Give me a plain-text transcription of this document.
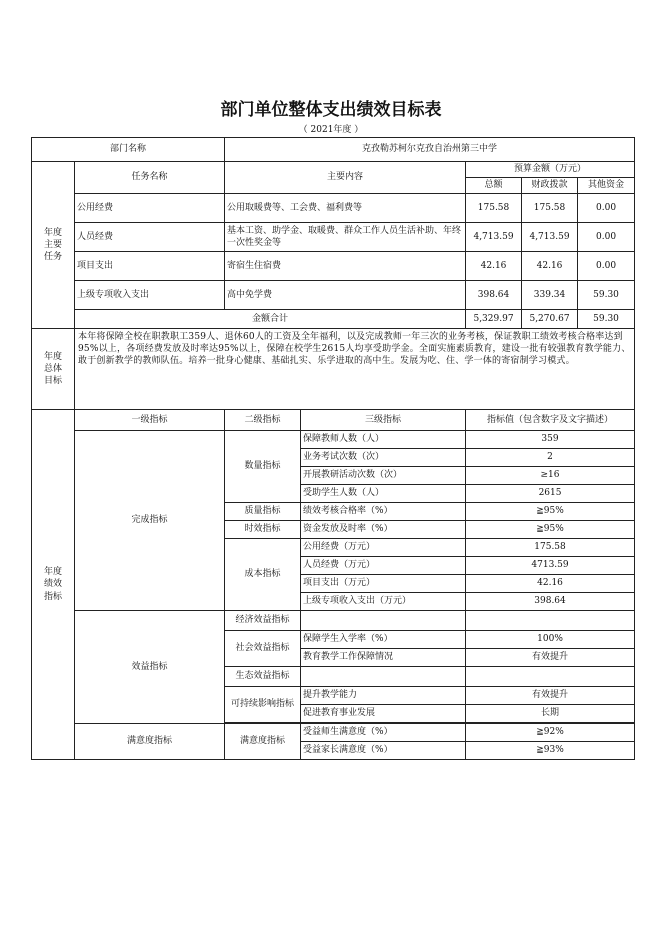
部门单位整体支出绩效目标表
（ 2021年度 ）
部门名称		克孜勒苏柯尔克孜自治州第三中学				
年度
主要
任务	任务名称	主要内容		预算金额（万元）		
				总额	财政拨款	其他资金
	公用经费	公用取暖费等、工会费、福利费等		175.58	175.58	0.00
	人员经费	基本工资、助学金、取暖费、群众工作人员生活补助、年终一次性奖金等		4,713.59	4,713.59	0.00
	项目支出	寄宿生住宿费		42.16	42.16	0.00
	上级专项收入支出	高中免学费		398.64	339.34	59.30
	金额合计			5,329.97	5,270.67	59.30
年度
总体
目标	本年将保障全校在职教职工359人、退休60人的工资及全年福利，以及完成教师一年三次的业务考核，保证教职工绩效考核合格率达到95%以上，各项经费发放及时率达95%以上，保障在校学生2615人均享受助学金。全面实施素质教育，建设一批有较强教育教学能力、敢于创新教学的教师队伍。培养一批身心健康、基础扎实、乐学进取的高中生。发展为吃、住、学一体的寄宿制学习模式。					
年度
绩效
指标	一级指标	二级指标	三级指标	指标值（包含数字及文字描述）		
	完成指标	数量指标	保障教师人数（人）	359		
			业务考试次数（次）	2		
			开展教研活动次数（次）	≥16		
			受助学生人数（人）	2615		
		质量指标	绩效考核合格率（%）	≧95%		
		时效指标	资金发放及时率（%）	≧95%		
		成本指标	公用经费（万元）	175.58		
			人员经费（万元）	4713.59		
			项目支出（万元）	42.16		
			上级专项收入支出（万元）	398.64		
	效益指标	经济效益指标				
		社会效益指标	保障学生入学率（%）	100%		
			教育教学工作保障情况	有效提升		
		生态效益指标				
		可持续影响指标	提升教学能力	有效提升		
			促进教育事业发展	长期		

	满意度指标	满意度指标	受益师生满意度（%）	≧92%		
			受益家长满意度（%）	≧93%		
